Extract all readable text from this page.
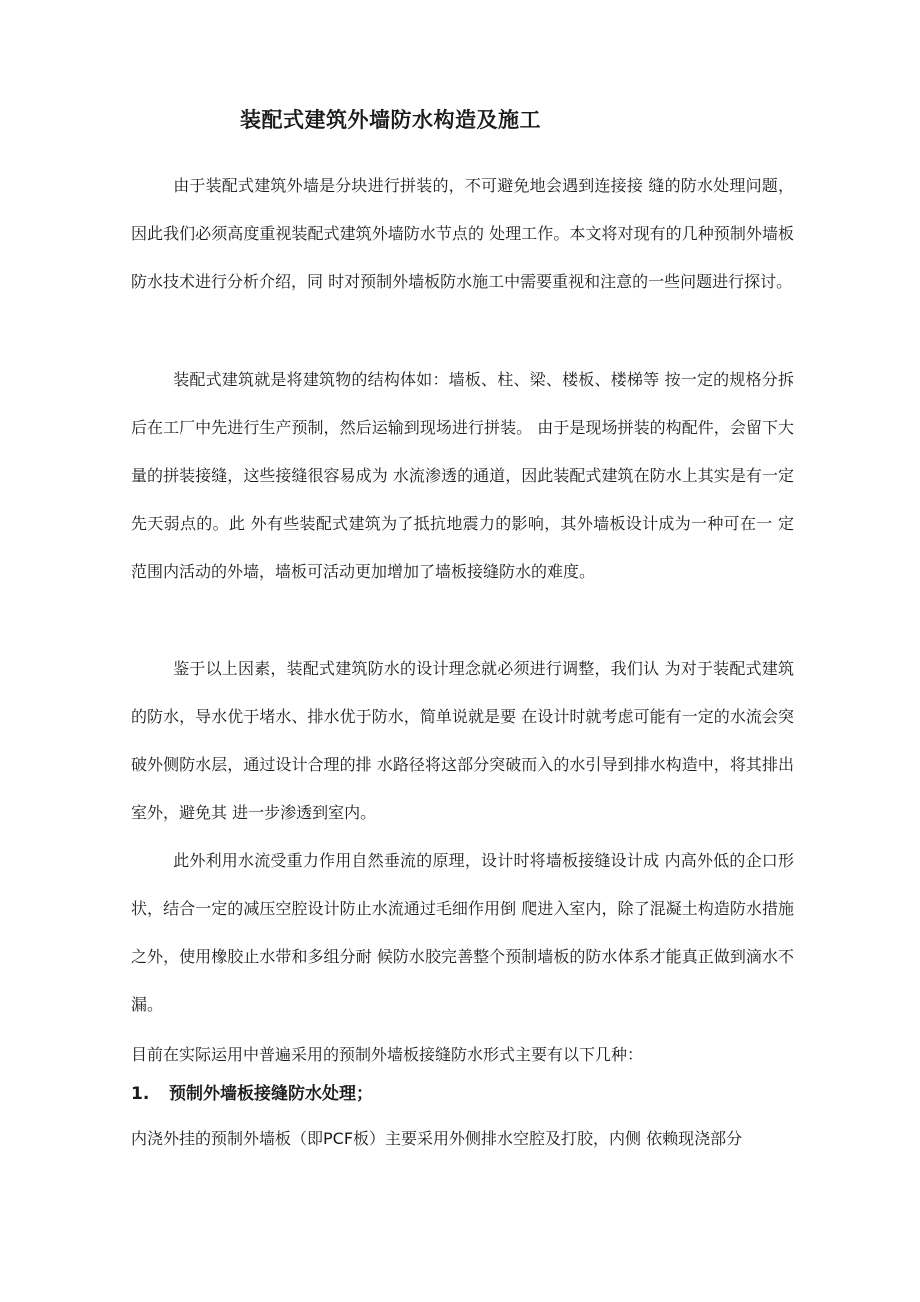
装配式建筑外墙防水构造及施工
由于装配式建筑外墙是分块进行拼装的，不可避免地会遇到连接接 缝的防水处理问题，因此我们必须高度重视装配式建筑外墙防水节点的 处理工作。本文将对现有的几种预制外墙板防水技术进行分析介绍，同 时对预制外墙板防水施工中需要重视和注意的一些问题进行探讨。
装配式建筑就是将建筑物的结构体如：墙板、柱、梁、楼板、楼梯等 按一定的规格分拆后在工厂中先进行生产预制，然后运输到现场进行拼装。 由于是现场拼装的构配件，会留下大量的拼装接缝，这些接缝很容易成为 水流渗透的通道，因此装配式建筑在防水上其实是有一定先天弱点的。此 外有些装配式建筑为了抵抗地震力的影响，其外墙板设计成为一种可在一 定范围内活动的外墙，墙板可活动更加增加了墙板接缝防水的难度。
鉴于以上因素，装配式建筑防水的设计理念就必须进行调整，我们认 为对于装配式建筑的防水，导水优于堵水、排水优于防水，简单说就是要 在设计时就考虑可能有一定的水流会突破外侧防水层，通过设计合理的排 水路径将这部分突破而入的水引导到排水构造中，将其排出室外，避免其 进一步渗透到室内。
此外利用水流受重力作用自然垂流的原理，设计时将墙板接缝设计成 内高外低的企口形状，结合一定的减压空腔设计防止水流通过毛细作用倒 爬进入室内，除了混凝土构造防水措施之外，使用橡胶止水带和多组分耐 候防水胶完善整个预制墙板的防水体系才能真正做到滴水不漏。
目前在实际运用中普遍采用的预制外墙板接缝防水形式主要有以下几种：
1. 预制外墙板接缝防水处理；
内浇外挂的预制外墙板（即PCF板）主要采用外侧排水空腔及打胶，内侧 依赖现浇部分
